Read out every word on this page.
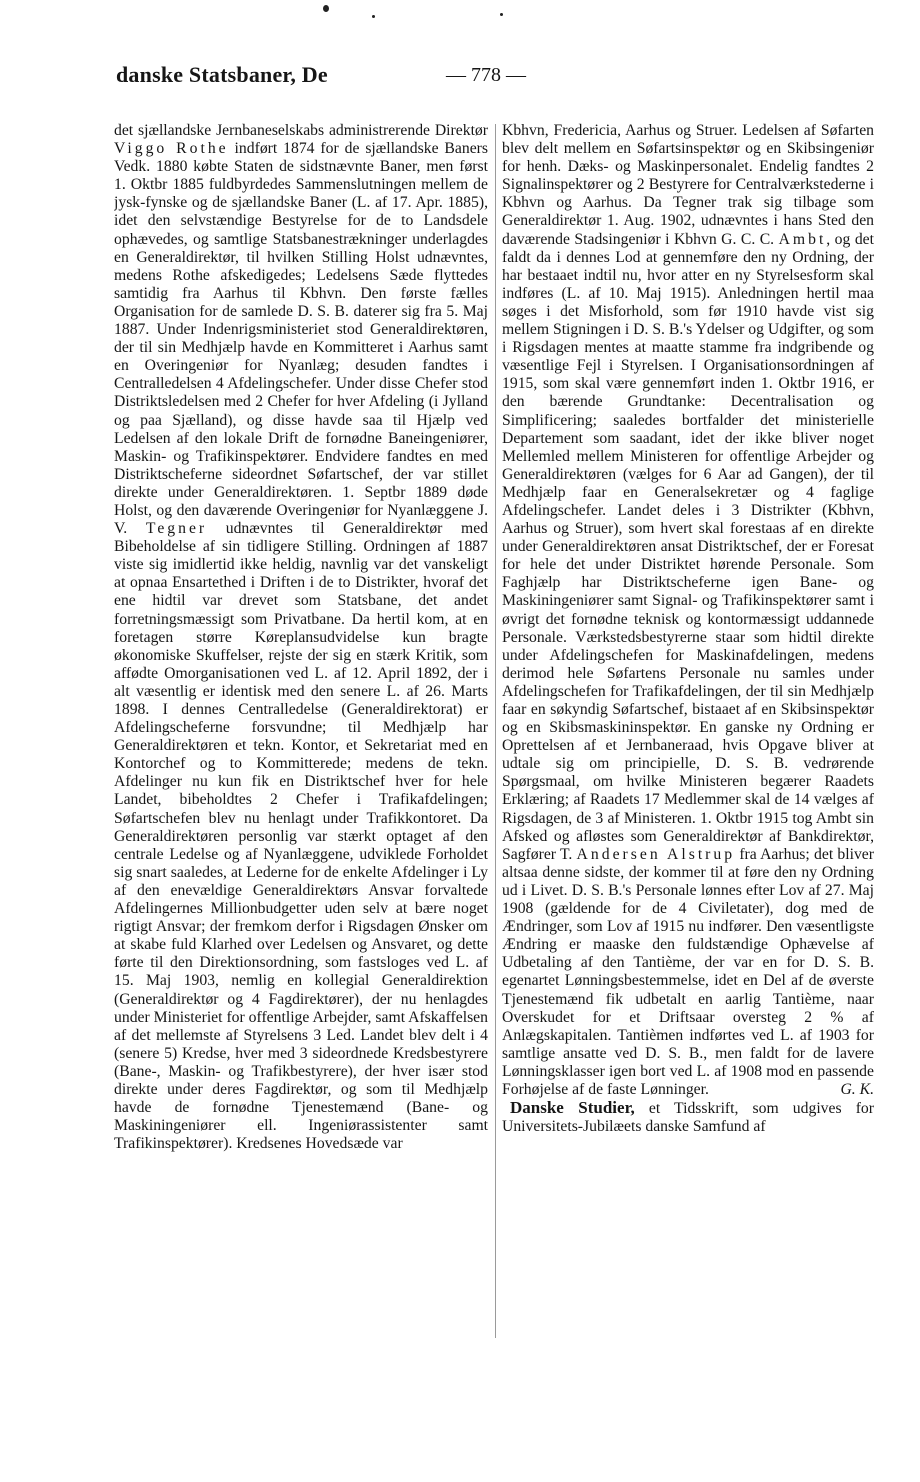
danske Statsbaner, De	— 778 —

det sjællandske Jernbaneselskabs administrerende Direktør Viggo Rothe indført 1874 for de sjællandske Baners Vedk. 1880 købte Staten de sidstnævnte Baner, men først 1. Oktbr 1885 fuldbyrdedes Sammenslutningen mellem de jysk-fynske og de sjællandske Baner (L. af 17. Apr. 1885), idet den selvstændige Bestyrelse for de to Landsdele ophævedes, og samtlige Statsbanestrækninger underlagdes en Generaldirektør, til hvilken Stilling Holst udnævntes, medens Rothe afskedigedes; Ledelsens Sæde flyttedes samtidig fra Aarhus til Kbhvn. Den første fælles Organisation for de samlede D. S. B. daterer sig fra 5. Maj 1887. Under Indenrigsministeriet stod Generaldirektøren, der til sin Medhjælp havde en Kommitteret i Aarhus samt en Overingeniør for Nyanlæg; desuden fandtes i Centralledelsen 4 Afdelingschefer. Under disse Chefer stod Distriktsledelsen med 2 Chefer for hver Afdeling (i Jylland og paa Sjælland), og disse havde saa til Hjælp ved Ledelsen af den lokale Drift de fornødne Baneingeniører, Maskin- og Trafikinspektører. Endvidere fandtes en med Distriktscheferne sideordnet Søfartschef, der var stillet direkte under Generaldirektøren. 1. Septbr 1889 døde Holst, og den daværende Overingeniør for Nyanlæggene J. V. Tegner udnævntes til Generaldirektør med Bibeholdelse af sin tidligere Stilling. Ordningen af 1887 viste sig imidlertid ikke heldig, navnlig var det vanskeligt at opnaa Ensartethed i Driften i de to Distrikter, hvoraf det ene hidtil var drevet som Statsbane, det andet forretningsmæssigt som Privatbane. Da hertil kom, at en foretagen større Køreplansudvidelse kun bragte økonomiske Skuffelser, rejste der sig en stærk Kritik, som affødte Omorganisationen ved L. af 12. April 1892, der i alt væsentlig er identisk med den senere L. af 26. Marts 1898. I dennes Centralledelse (Generaldirektorat) er Afdelingscheferne forsvundne; til Medhjælp har Generaldirektøren et tekn. Kontor, et Sekretariat med en Kontorchef og to Kommitterede; medens de tekn. Afdelinger nu kun fik en Distriktschef hver for hele Landet, bibeholdtes 2 Chefer i Trafikafdelingen; Søfartschefen blev nu henlagt under Trafikkontoret. Da Generaldirektøren personlig var stærkt optaget af den centrale Ledelse og af Nyanlæggene, udviklede Forholdet sig snart saaledes, at Lederne for de enkelte Afdelinger i Ly af den enevældige Generaldirektørs Ansvar forvaltede Afdelingernes Millionbudgetter uden selv at bære noget rigtigt Ansvar; der fremkom derfor i Rigsdagen Ønsker om at skabe fuld Klarhed over Ledelsen og Ansvaret, og dette førte til den Direktionsordning, som fastsloges ved L. af 15. Maj 1903, nemlig en kollegial Generaldirektion (Generaldirektør og 4 Fagdirektører), der nu henlagdes under Ministeriet for offentlige Arbejder, samt Afskaffelsen af det mellemste af Styrelsens 3 Led. Landet blev delt i 4 (senere 5) Kredse, hver med 3 sideordnede Kredsbestyrere (Bane-, Maskin- og Trafikbestyrere), der hver især stod direkte under deres Fagdirektør, og som til Medhjælp havde de fornødne Tjenestemænd (Bane- og Maskiningeniører ell. Ingeniørassistenter samt Trafikinspektører). Kredsenes Hovedsæde var

Kbhvn, Fredericia, Aarhus og Struer. Ledelsen af Søfarten blev delt mellem en Søfartsinspektør og en Skibsingeniør for henh. Dæks- og Maskinpersonalet. Endelig fandtes 2 Signalinspektører og 2 Bestyrere for Centralværkstederne i Kbhvn og Aarhus. Da Tegner trak sig tilbage som Generaldirektør 1. Aug. 1902, udnævntes i hans Sted den daværende Stadsingeniør i Kbhvn G. C. C. Ambt, og det faldt da i dennes Lod at gennemføre den ny Ordning, der har bestaaet indtil nu, hvor atter en ny Styrelsesform skal indføres (L. af 10. Maj 1915). Anledningen hertil maa søges i det Misforhold, som før 1910 havde vist sig mellem Stigningen i D. S. B.'s Ydelser og Udgifter, og som i Rigsdagen mentes at maatte stamme fra indgribende og væsentlige Fejl i Styrelsen. I Organisationsordningen af 1915, som skal være gennemført inden 1. Oktbr 1916, er den bærende Grundtanke: Decentralisation og Simplificering; saaledes bortfalder det ministerielle Departement som saadant, idet der ikke bliver noget Mellemled mellem Ministeren for offentlige Arbejder og Generaldirektøren (vælges for 6 Aar ad Gangen), der til Medhjælp faar en Generalsekretær og 4 faglige Afdelingschefer. Landet deles i 3 Distrikter (Kbhvn, Aarhus og Struer), som hvert skal forestaas af en direkte under Generaldirektøren ansat Distriktschef, der er Foresat for hele det under Distriktet hørende Personale. Som Faghjælp har Distriktscheferne igen Bane- og Maskiningeniører samt Signal- og Trafikinspektører samt i øvrigt det fornødne teknisk og kontormæssigt uddannede Personale. Værkstedsbestyrerne staar som hidtil direkte under Afdelingschefen for Maskinafdelingen, medens derimod hele Søfartens Personale nu samles under Afdelingschefen for Trafikafdelingen, der til sin Medhjælp faar en søkyndig Søfartschef, bistaaet af en Skibsinspektør og en Skibsmaskininspektør. En ganske ny Ordning er Oprettelsen af et Jernbaneraad, hvis Opgave bliver at udtale sig om principielle, D. S. B. vedrørende Spørgsmaal, om hvilke Ministeren begærer Raadets Erklæring; af Raadets 17 Medlemmer skal de 14 vælges af Rigsdagen, de 3 af Ministeren. 1. Oktbr 1915 tog Ambt sin Afsked og afløstes som Generaldirektør af Bankdirektør, Sagfører T. Andersen Alstrup fra Aarhus; det bliver altsaa denne sidste, der kommer til at føre den ny Ordning ud i Livet. D. S. B.'s Personale lønnes efter Lov af 27. Maj 1908 (gældende for de 4 Civiletater), dog med de Ændringer, som Lov af 1915 nu indfører. Den væsentligste Ændring er maaske den fuldstændige Ophævelse af Udbetaling af den Tantième, der var en for D. S. B. egenartet Lønningsbestemmelse, idet en Del af de øverste Tjenestemænd fik udbetalt en aarlig Tantième, naar Overskudet for et Driftsaar oversteg 2 % af Anlægskapitalen. Tantièmen indførtes ved L. af 1903 for samtlige ansatte ved D. S. B., men faldt for de lavere Lønningsklasser igen bort ved L. af 1908 mod en passende Forhøjelse af de faste Lønninger.	G. K.

Danske Studier, et Tidsskrift, som udgives for Universitets-Jubilæets danske Samfund af
